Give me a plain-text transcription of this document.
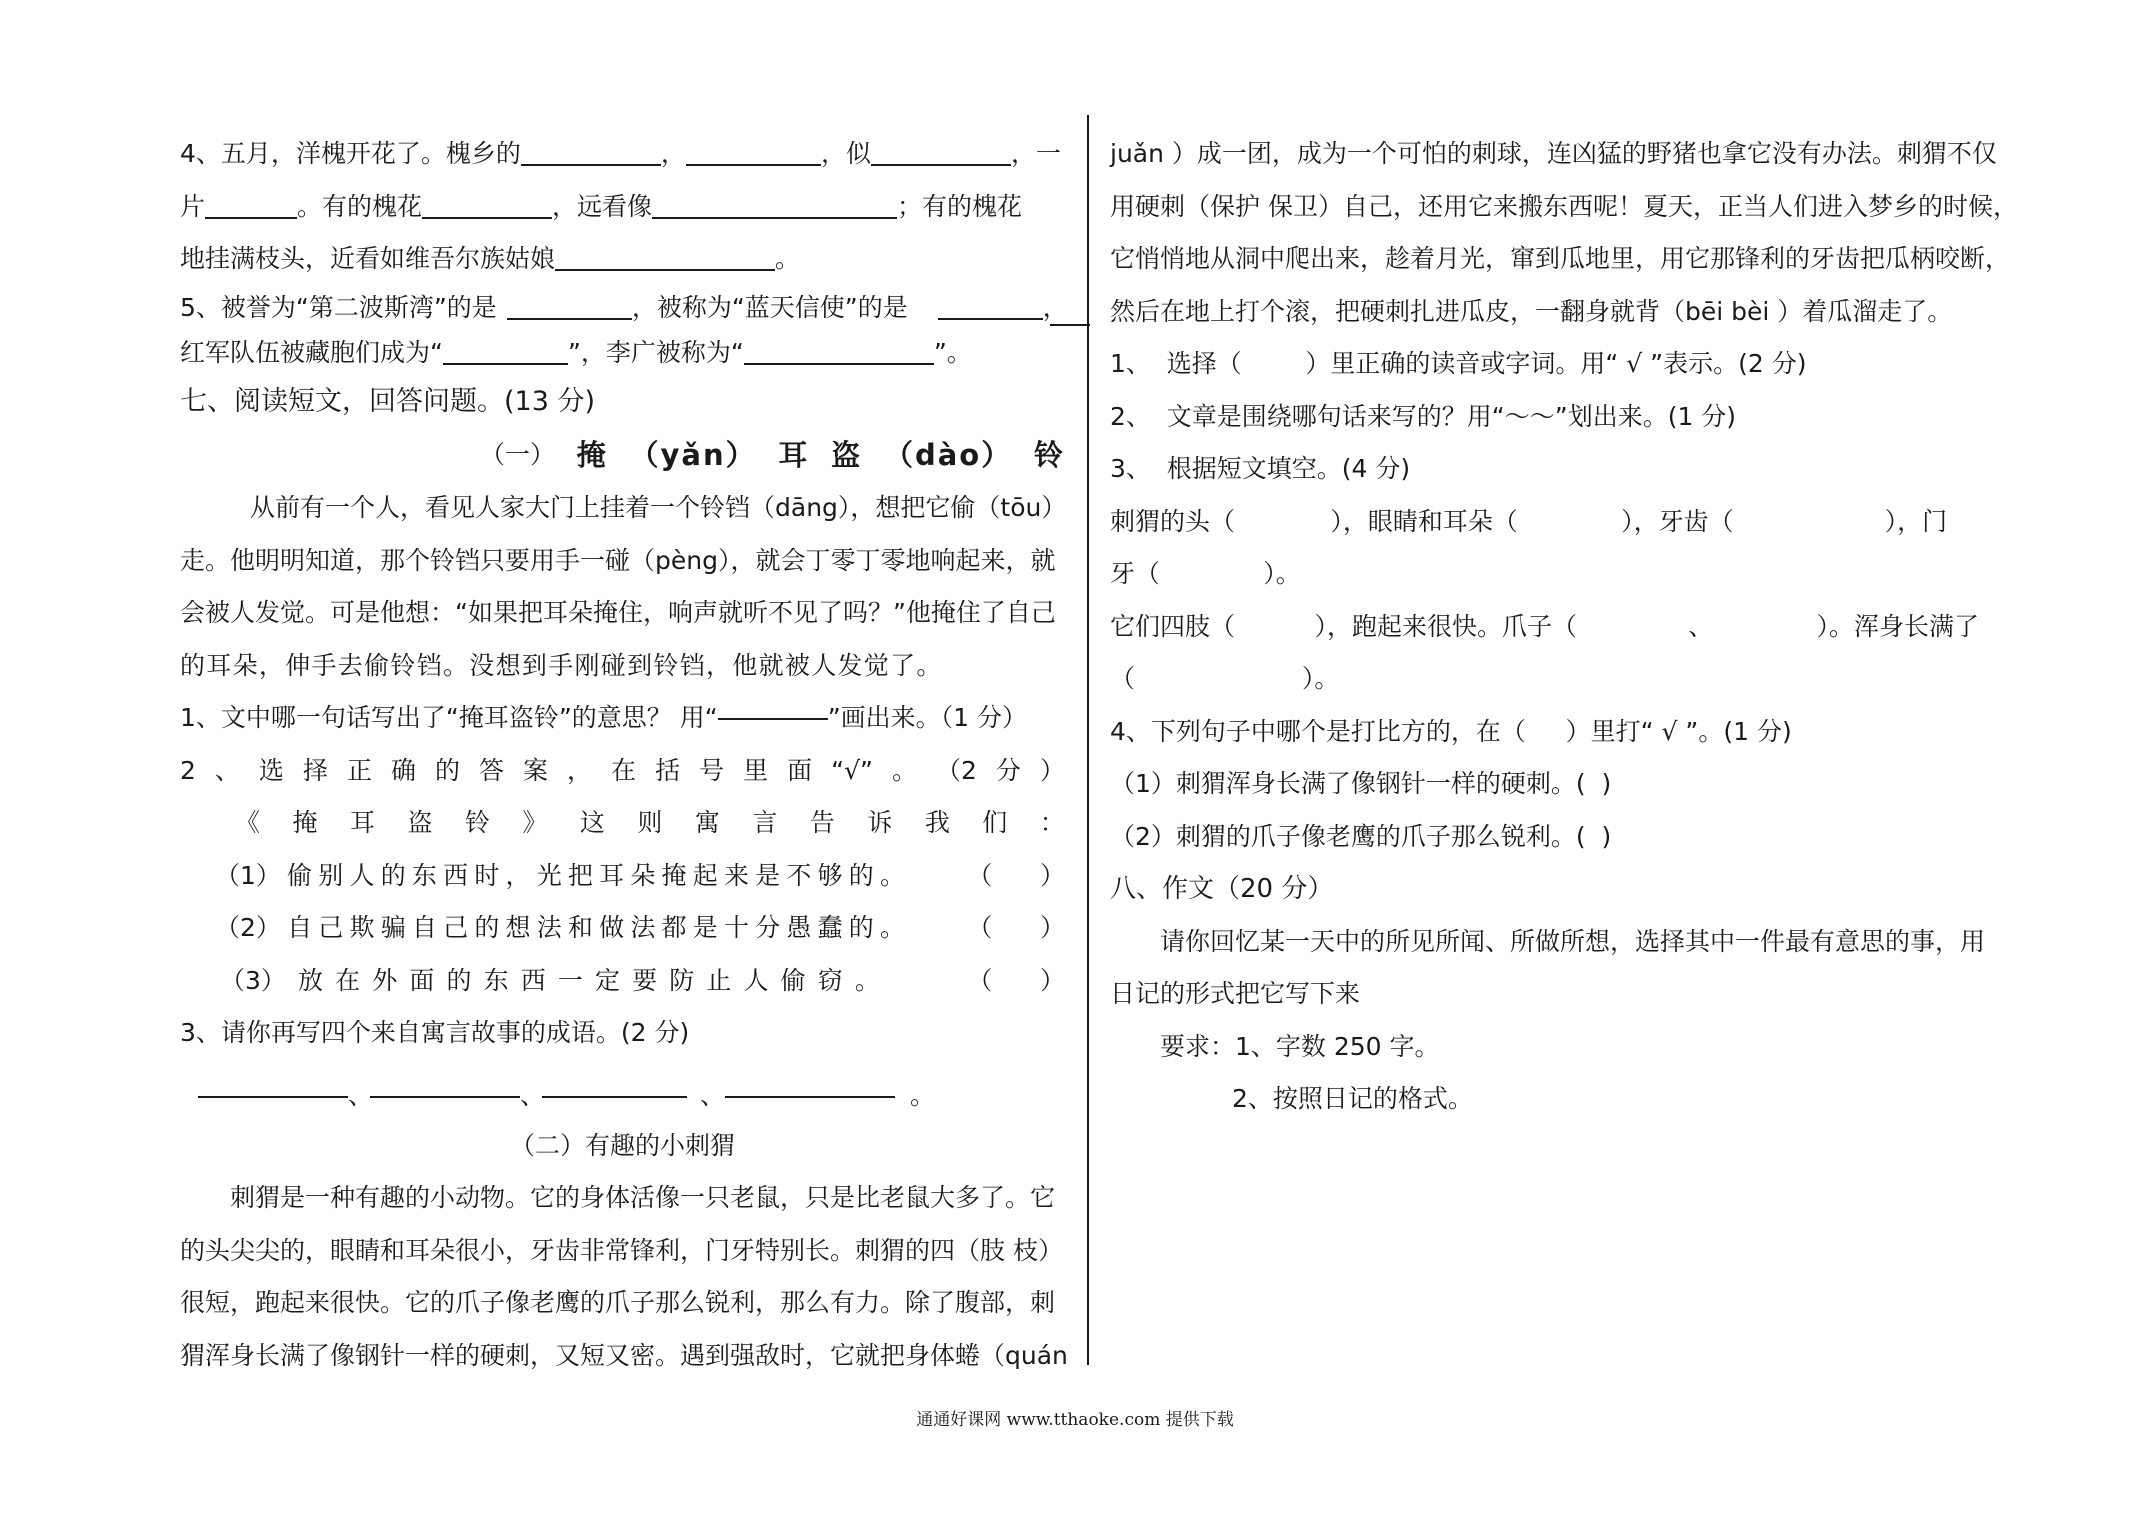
4、五月，洋槐开花了。槐乡的	，	，似	，一
片	。有的槐花	，远看像	；有的槐花
地挂满枝头，近看如维吾尔族姑娘	。
5、被誉为“第二波斯湾”的是	，被称为“蓝天信使”的是	，
红军队伍被藏胞们成为“	”，李广被称为“	”。
七、阅读短文，回答问题。(13 分)
（一） 掩 （yǎn） 耳 盗 （dào） 铃
从前有一个人，看见人家大门上挂着一个铃铛（dāng），想把它偷（tōu）
走。他明明知道，那个铃铛只要用手一碰（pèng），就会丁零丁零地响起来，就
会被人发觉。可是他想：“如果把耳朵掩住，响声就听不见了吗？”他掩住了自己
的耳朵，伸手去偷铃铛。没想到手刚碰到铃铛，他就被人发觉了。
1、文中哪一句话写出了“掩耳盗铃”的意思？ 用“	”画出来。（1 分）
2 、 选 择 正 确 的 答 案 ， 在 括 号 里 面 “√” 。 （2 分 ）
《 掩 耳 盗 铃 》 这 则 寓 言 告 诉 我 们 ：
（1） 偷 别 人 的 东 西 时 ， 光 把 耳 朵 掩 起 来 是 不 够 的 。 （      ）
（2） 自 己 欺 骗 自 己 的 想 法 和 做 法 都 是 十 分 愚 蠢 的 。 （      ）
（3） 放 在 外 面 的 东 西 一 定 要 防 止 人 偷 窃 。	（      ）
3、请你再写四个来自寓言故事的成语。(2 分)
、	、	、	。
（二）有趣的小刺猬
刺猬是一种有趣的小动物。它的身体活像一只老鼠，只是比老鼠大多了。它
的头尖尖的，眼睛和耳朵很小，牙齿非常锋利，门牙特别长。刺猬的四（肢 枝）
很短，跑起来很快。它的爪子像老鹰的爪子那么锐利，那么有力。除了腹部，刺
猬浑身长满了像钢针一样的硬刺，又短又密。遇到强敌时，它就把身体蜷（quán
juǎn ）成一团，成为一个可怕的刺球，连凶猛的野猪也拿它没有办法。刺猬不仅
用硬刺（保护 保卫）自己，还用它来搬东西呢！夏天，正当人们进入梦乡的时候，
它悄悄地从洞中爬出来，趁着月光，窜到瓜地里，用它那锋利的牙齿把瓜柄咬断，
然后在地上打个滚，把硬刺扎进瓜皮，一翻身就背（bēi bèi ）着瓜溜走了。
1、  选择（        ）里正确的读音或字词。用“ √ ”表示。(2 分)
2、  文章是围绕哪句话来写的？用“～～”划出来。(1 分)
3、  根据短文填空。(4 分)
刺猬的头（            ），眼睛和耳朵（             ），牙齿（                   ），门
牙（             ）。
它们四肢（          ），跑起来很快。爪子（              、             ）。浑身长满了
（                     ）。
4、下列句子中哪个是打比方的，在（     ）里打“ √ ”。(1 分)
（1）刺猬浑身长满了像钢针一样的硬刺。(  )
（2）刺猬的爪子像老鹰的爪子那么锐利。(  )
八、作文（20 分）
请你回忆某一天中的所见所闻、所做所想，选择其中一件最有意思的事，用
日记的形式把它写下来
要求：1、字数 250 字。
2、按照日记的格式。
通通好课网 www.tthaoke.com 提供下载
